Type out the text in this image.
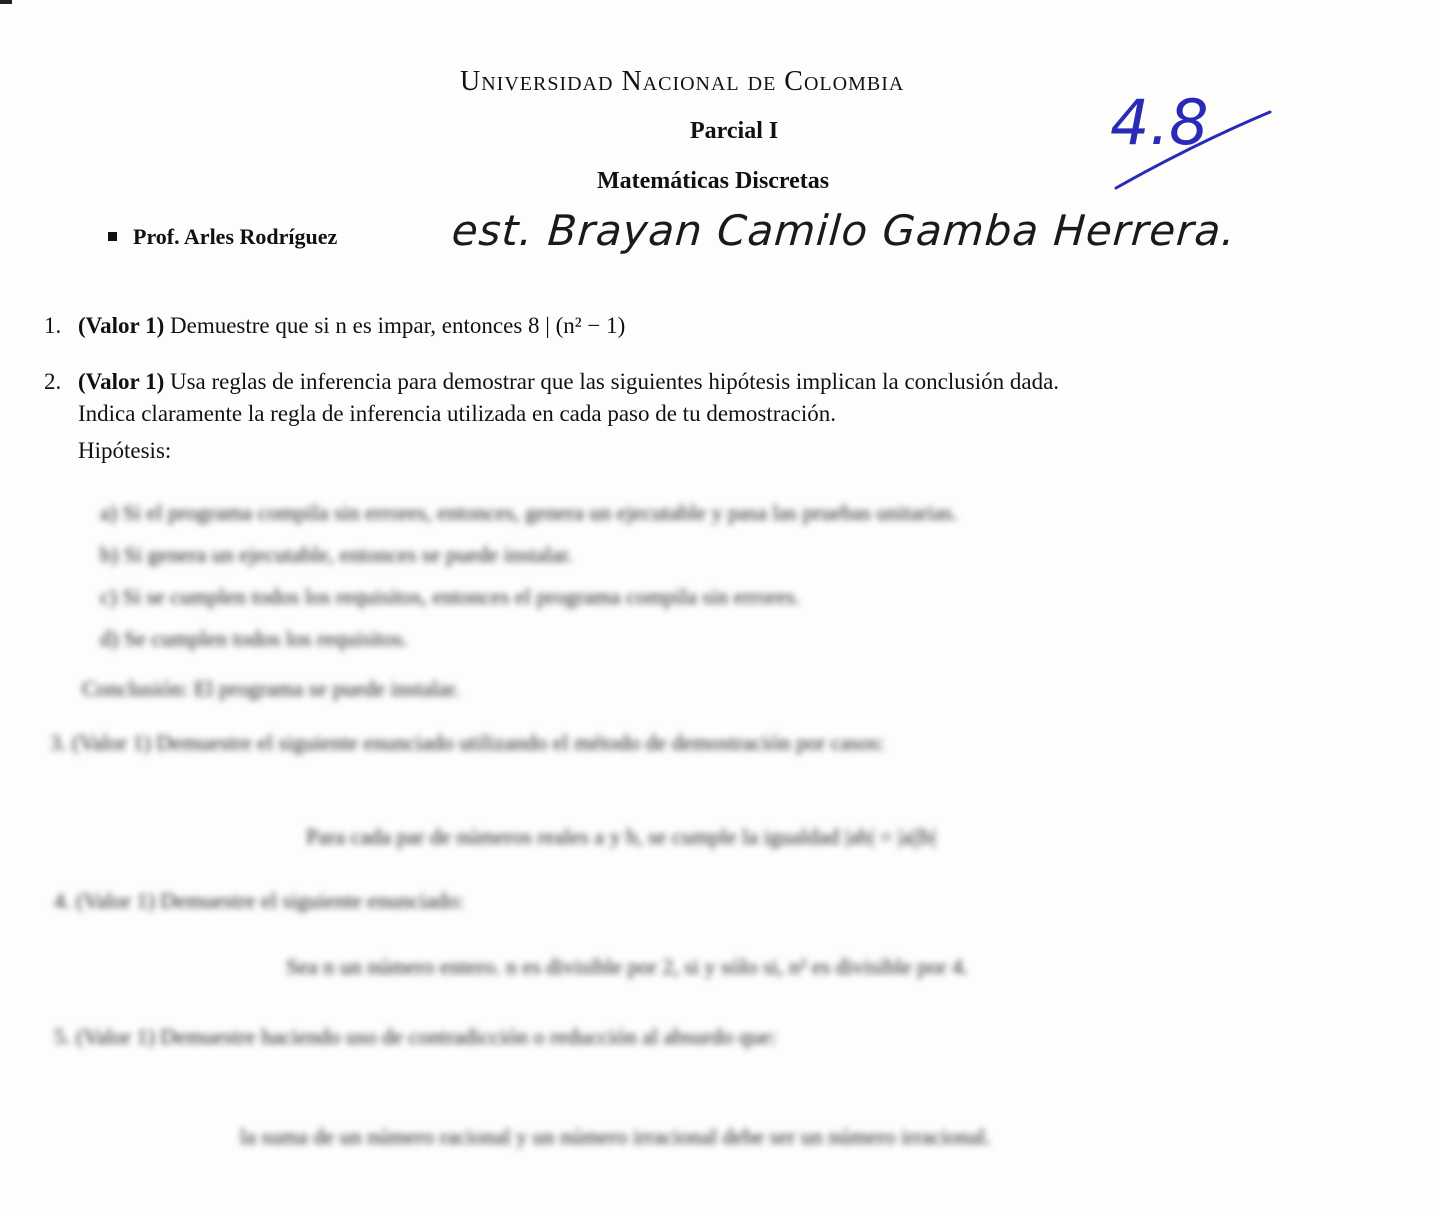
Universidad Nacional de Colombia
Parcial I
Matemáticas Discretas
Prof. Arles Rodríguez	est. Brayan Camilo Gamba Herrera.
4.8
1. (Valor 1) Demuestre que si n es impar, entonces 8 | (n² − 1)
2. (Valor 1) Usa reglas de inferencia para demostrar que las siguientes hipótesis implican la conclusión dada.
Indica claramente la regla de inferencia utilizada en cada paso de tu demostración.
Hipótesis:
a) Si el programa compila sin errores, entonces, genera un ejecutable y pasa las pruebas unitarias.
b) Si genera un ejecutable, entonces se puede instalar.
c) Si se cumplen todos los requisitos, entonces el programa compila sin errores.
d) Se cumplen todos los requisitos.
Conclusión: El programa se puede instalar.
3. (Valor 1) Demuestre el siguiente enunciado utilizando el método de demostración por casos:
Para cada par de números reales a y b, se cumple la igualdad |ab| = |a||b|
4. (Valor 1) Demuestre el siguiente enunciado:
Sea n un número entero. n es divisible por 2, si y sólo si, n² es divisible por 4.
5. (Valor 1) Demuestre haciendo uso de contradicción o reducción al absurdo que:
la suma de un número racional y un número irracional debe ser un número irracional.
